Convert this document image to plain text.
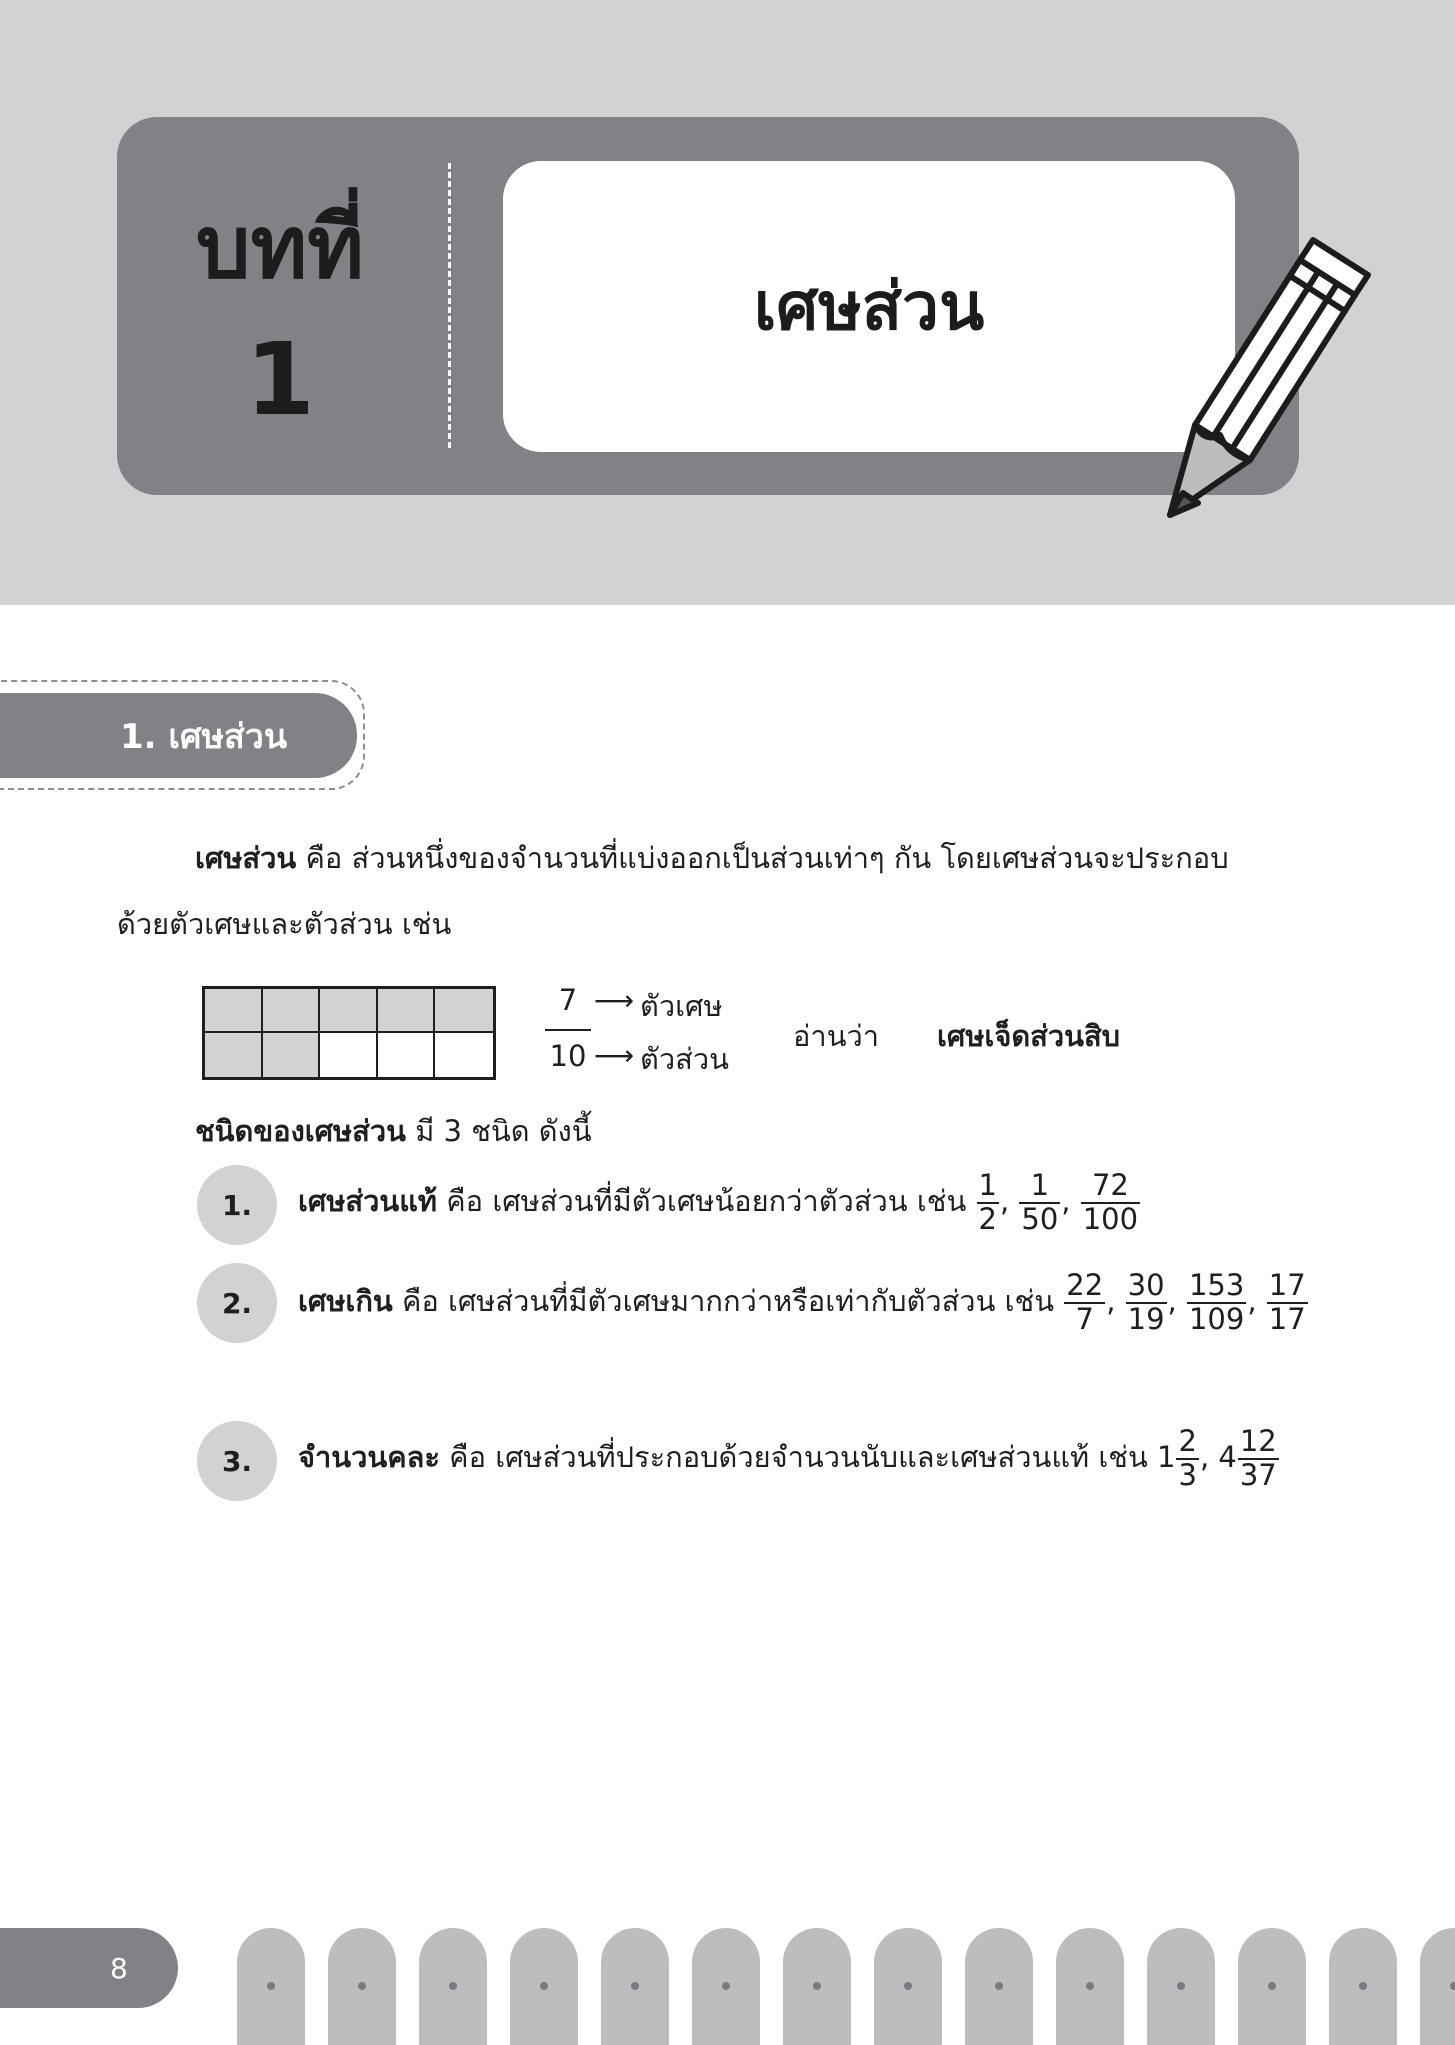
บทที่
1
เศษส่วน
1. เศษส่วน
เศษส่วน คือ ส่วนหนึ่งของจำนวนที่แบ่งออกเป็นส่วนเท่าๆ กัน โดยเศษส่วนจะประกอบ
ด้วยตัวเศษและตัวส่วน เช่น
7
10
⟶ ตัวเศษ
⟶ ตัวส่วน
อ่านว่า เศษเจ็ดส่วนสิบ
ชนิดของเศษส่วน มี 3 ชนิด ดังนี้
1.	เศษส่วนแท้ คือ เศษส่วนที่มีตัวเศษน้อยกว่าตัวส่วน เช่น $\frac{1}{2}$ , $\frac{1}{50}$ , $\frac{72}{100}$
2.	เศษเกิน คือ เศษส่วนที่มีตัวเศษมากกว่าหรือเท่ากับตัวส่วน เช่น $\frac{22}{7}$ , $\frac{30}{19}$ , $\frac{153}{109}$ , $\frac{17}{17}$
3.	จำนวนคละ คือ เศษส่วนที่ประกอบด้วยจำนวนนับและเศษส่วนแท้ เช่น $1 \frac{2}{3}$ , $4 \frac{12}{37}$
8
